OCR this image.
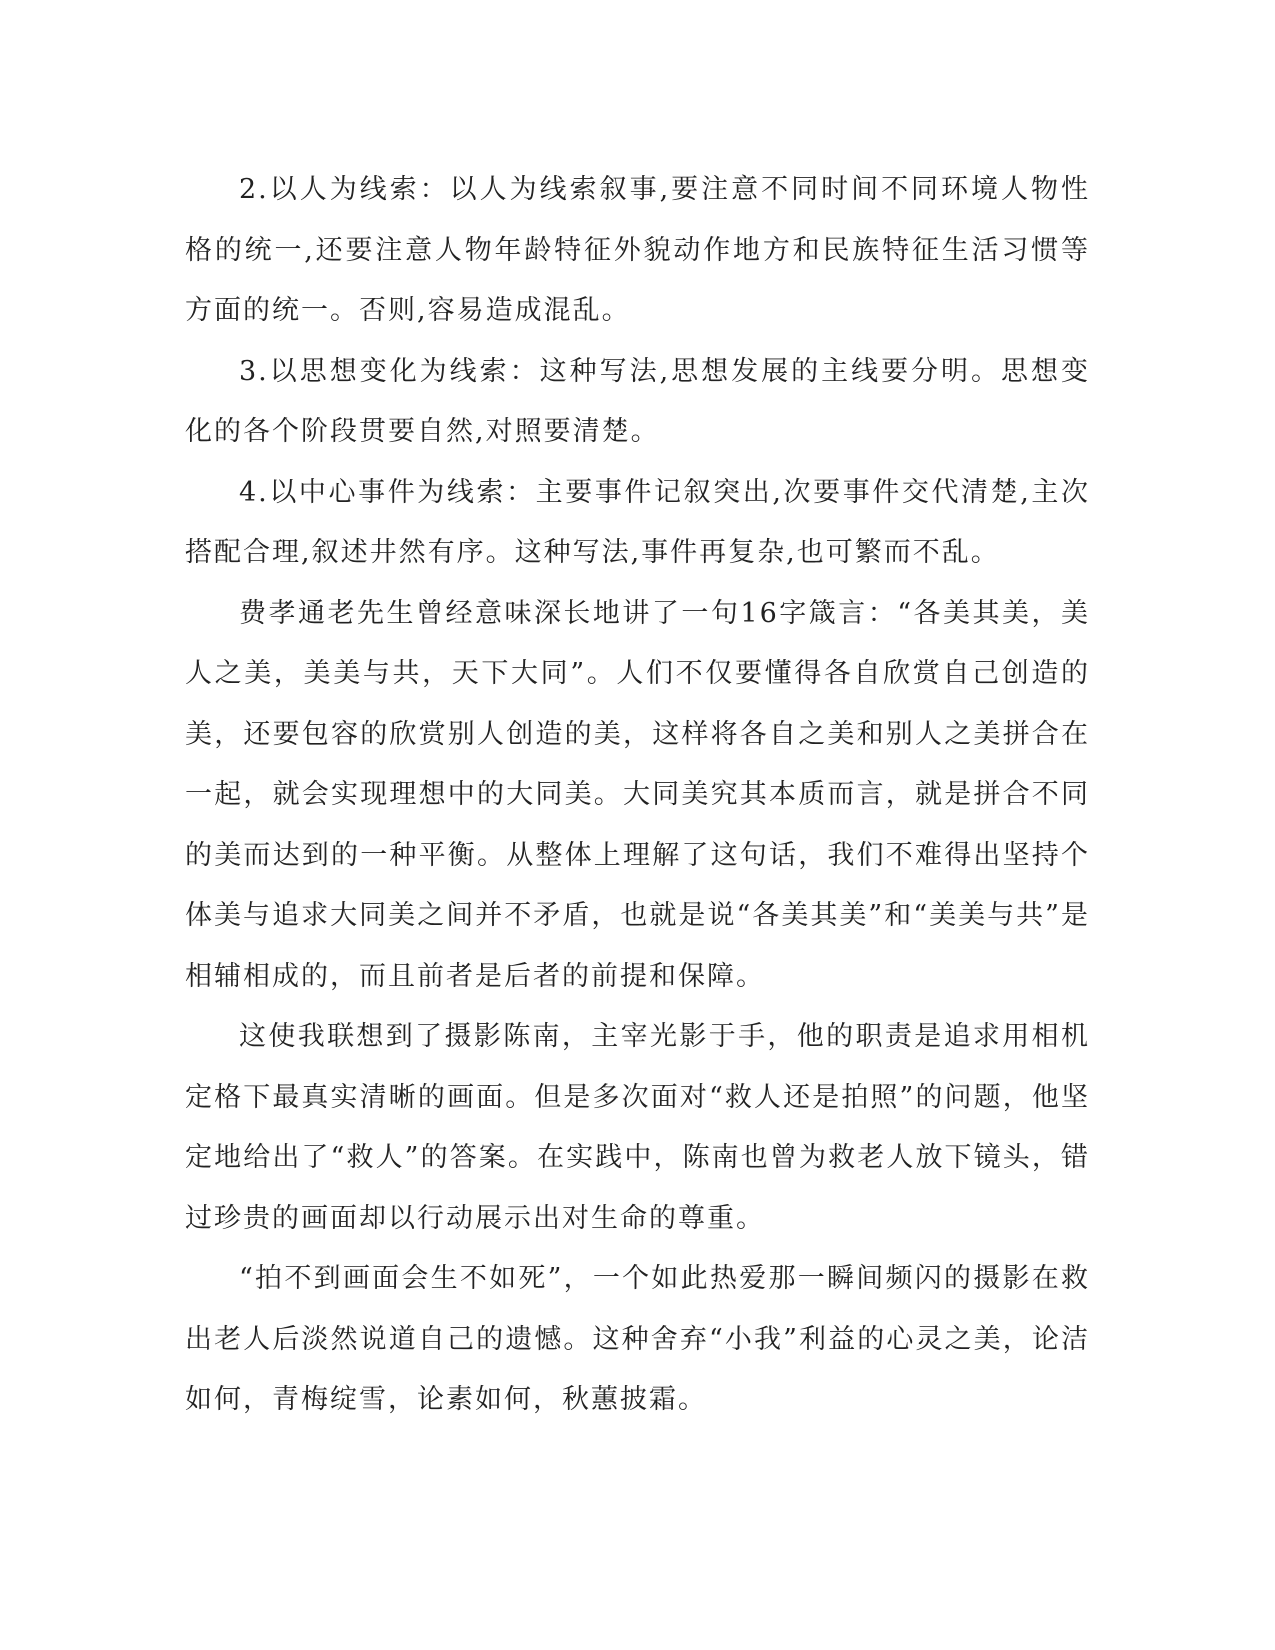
2.以人为线索：以人为线索叙事,要注意不同时间不同环境人物性格的统一,还要注意人物年龄特征外貌动作地方和民族特征生活习惯等方面的统一。否则,容易造成混乱。

3.以思想变化为线索：这种写法,思想发展的主线要分明。思想变化的各个阶段贯要自然,对照要清楚。

4.以中心事件为线索：主要事件记叙突出,次要事件交代清楚,主次搭配合理,叙述井然有序。这种写法,事件再复杂,也可繁而不乱。

费孝通老先生曾经意味深长地讲了一句16字箴言：“各美其美，美人之美，美美与共，天下大同”。人们不仅要懂得各自欣赏自己创造的美，还要包容的欣赏别人创造的美，这样将各自之美和别人之美拼合在一起，就会实现理想中的大同美。大同美究其本质而言，就是拼合不同的美而达到的一种平衡。从整体上理解了这句话，我们不难得出坚持个体美与追求大同美之间并不矛盾，也就是说“各美其美”和“美美与共”是相辅相成的，而且前者是后者的前提和保障。

这使我联想到了摄影陈南，主宰光影于手，他的职责是追求用相机定格下最真实清晰的画面。但是多次面对“救人还是拍照”的问题，他坚定地给出了“救人”的答案。在实践中，陈南也曾为救老人放下镜头，错过珍贵的画面却以行动展示出对生命的尊重。

“拍不到画面会生不如死”，一个如此热爱那一瞬间频闪的摄影在救出老人后淡然说道自己的遗憾。这种舍弃“小我”利益的心灵之美，论洁如何，青梅绽雪，论素如何，秋蕙披霜。
